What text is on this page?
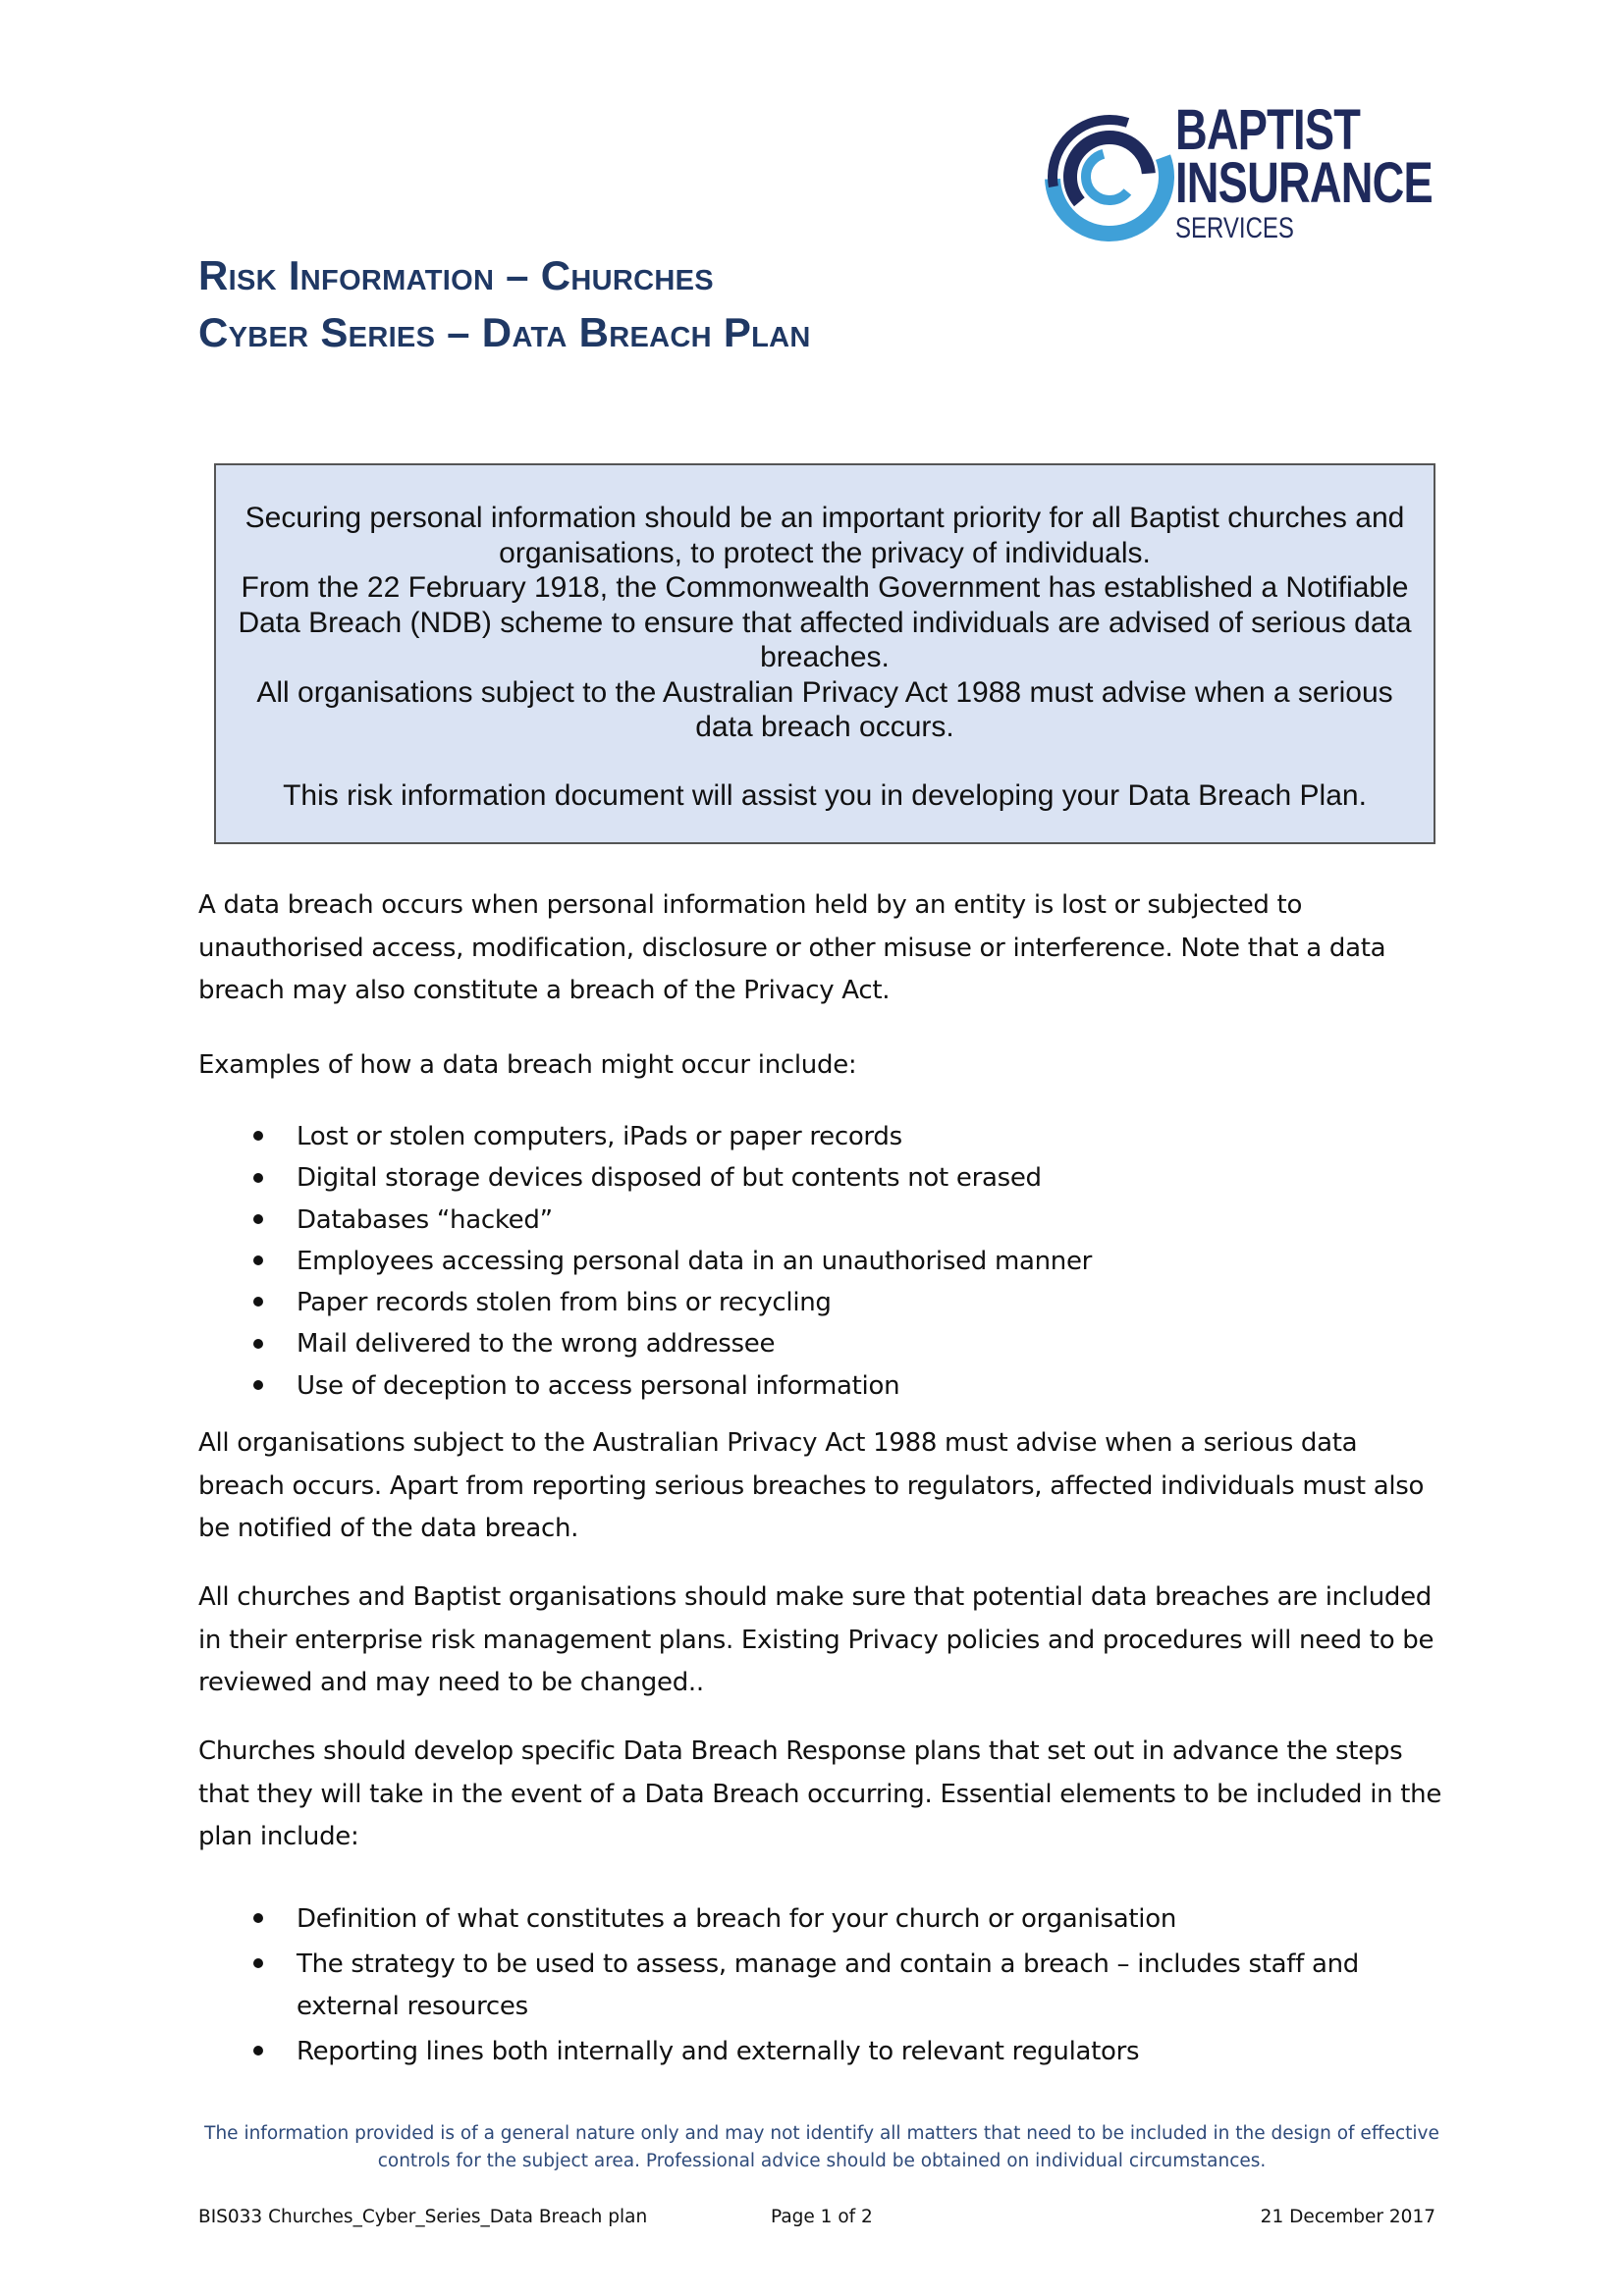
BAPTIST
INSURANCE
SERVICES
Risk Information – Churches
Cyber Series – Data Breach Plan
Securing personal information should be an important priority for all Baptist churches and organisations, to protect the privacy of individuals.
From the 22 February 1918, the Commonwealth Government has established a Notifiable Data Breach (NDB) scheme to ensure that affected individuals are advised of serious data breaches.
All organisations subject to the Australian Privacy Act 1988 must advise when a serious data breach occurs.
This risk information document will assist you in developing your Data Breach Plan.
A data breach occurs when personal information held by an entity is lost or subjected to unauthorised access, modification, disclosure or other misuse or interference. Note that a data breach may also constitute a breach of the Privacy Act.
Examples of how a data breach might occur include:
Lost or stolen computers, iPads or paper records
Digital storage devices disposed of but contents not erased
Databases “hacked”
Employees accessing personal data in an unauthorised manner
Paper records stolen from bins or recycling
Mail delivered to the wrong addressee
Use of deception to access personal information
All organisations subject to the Australian Privacy Act 1988 must advise when a serious data breach occurs. Apart from reporting serious breaches to regulators, affected individuals must also be notified of the data breach.
All churches and Baptist organisations should make sure that potential data breaches are included in their enterprise risk management plans. Existing Privacy policies and procedures will need to be reviewed and may need to be changed..
Churches should develop specific Data Breach Response plans that set out in advance the steps that they will take in the event of a Data Breach occurring. Essential elements to be included in the plan include:
Definition of what constitutes a breach for your church or organisation
The strategy to be used to assess, manage and contain a breach – includes staff and external resources
Reporting lines both internally and externally to relevant regulators
The information provided is of a general nature only and may not identify all matters that need to be included in the design of effective controls for the subject area. Professional advice should be obtained on individual circumstances.
BIS033 Churches_Cyber_Series_Data Breach plan	Page 1 of 2	21 December 2017
